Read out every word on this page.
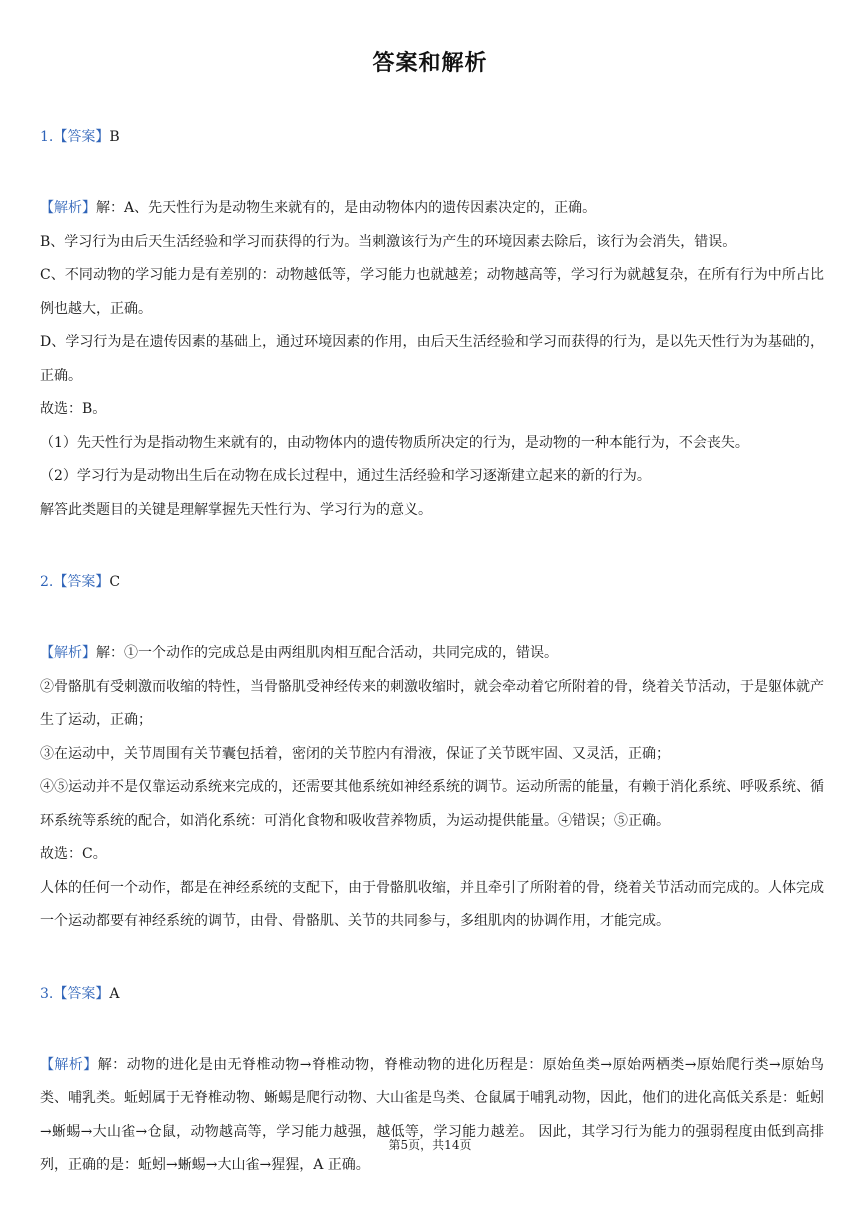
答案和解析
1.【答案】B

【解析】解：A、先天性行为是动物生来就有的，是由动物体内的遗传因素决定的，正确。

B、学习行为由后天生活经验和学习而获得的行为。当刺激该行为产生的环境因素去除后，该行为会消失，错误。

C、不同动物的学习能力是有差别的：动物越低等，学习能力也就越差；动物越高等，学习行为就越复杂，在所有行为中所占比例也越大，正确。

D、学习行为是在遗传因素的基础上，通过环境因素的作用，由后天生活经验和学习而获得的行为，是以先天性行为为基础的，正确。

故选：B。

（1）先天性行为是指动物生来就有的，由动物体内的遗传物质所决定的行为，是动物的一种本能行为，不会丧失。

（2）学习行为是动物出生后在动物在成长过程中，通过生活经验和学习逐渐建立起来的新的行为。

解答此类题目的关键是理解掌握先天性行为、学习行为的意义。

2.【答案】C

【解析】解：①一个动作的完成总是由两组肌肉相互配合活动，共同完成的，错误。

②骨骼肌有受刺激而收缩的特性，当骨骼肌受神经传来的刺激收缩时，就会牵动着它所附着的骨，绕着关节活动，于是躯体就产生了运动，正确；

③在运动中，关节周围有关节囊包括着，密闭的关节腔内有滑液，保证了关节既牢固、又灵活，正确；

④⑤运动并不是仅靠运动系统来完成的，还需要其他系统如神经系统的调节。运动所需的能量，有赖于消化系统、呼吸系统、循环系统等系统的配合，如消化系统：可消化食物和吸收营养物质，为运动提供能量。④错误；⑤正确。

故选：C。

人体的任何一个动作，都是在神经系统的支配下，由于骨骼肌收缩，并且牵引了所附着的骨，绕着关节活动而完成的。人体完成一个运动都要有神经系统的调节，由骨、骨骼肌、关节的共同参与，多组肌肉的协调作用，才能完成。

3.【答案】A

【解析】解：动物的进化是由无脊椎动物→脊椎动物，脊椎动物的进化历程是：原始鱼类→原始两栖类→原始爬行类→原始鸟类、哺乳类。蚯蚓属于无脊椎动物、蜥蜴是爬行动物、大山雀是鸟类、仓鼠属于哺乳动物，因此，他们的进化高低关系是：蚯蚓→蜥蜴→大山雀→仓鼠，动物越高等，学习能力越强，越低等，学习能力越差。 因此，其学习行为能力的强弱程度由低到高排列，正确的是：蚯蚓→蜥蜴→大山雀→猩猩，A 正确。

第5页，共14页
